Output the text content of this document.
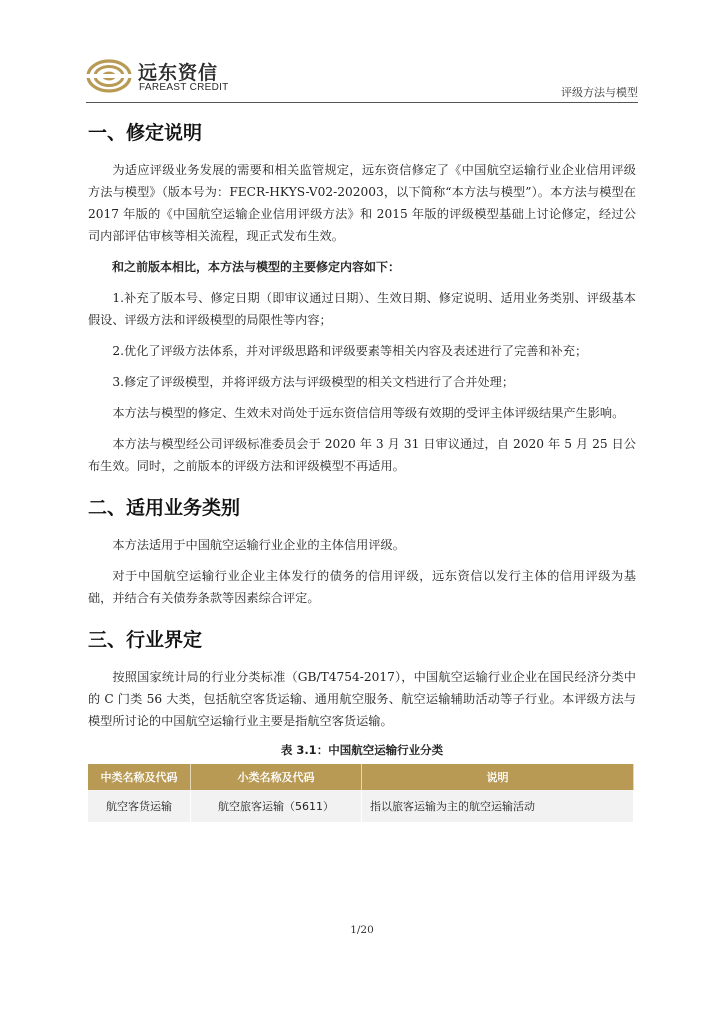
远东资信
FAREAST CREDIT	评级方法与模型
一、修定说明

为适应评级业务发展的需要和相关监管规定，远东资信修定了《中国航空运输行业企业信用评级方法与模型》（版本号为：FECR-HKYS-V02-202003，以下简称“本方法与模型”）。本方法与模型在 2017 年版的《中国航空运输企业信用评级方法》和 2015 年版的评级模型基础上讨论修定，经过公司内部评估审核等相关流程，现正式发布生效。

和之前版本相比，本方法与模型的主要修定内容如下：

1.补充了版本号、修定日期（即审议通过日期）、生效日期、修定说明、适用业务类别、评级基本假设、评级方法和评级模型的局限性等内容；

2.优化了评级方法体系，并对评级思路和评级要素等相关内容及表述进行了完善和补充；

3.修定了评级模型，并将评级方法与评级模型的相关文档进行了合并处理；

本方法与模型的修定、生效未对尚处于远东资信信用等级有效期的受评主体评级结果产生影响。

本方法与模型经公司评级标准委员会于 2020 年 3 月 31 日审议通过，自 2020 年 5 月 25 日公布生效。同时，之前版本的评级方法和评级模型不再适用。

二、适用业务类别

本方法适用于中国航空运输行业企业的主体信用评级。

对于中国航空运输行业企业主体发行的债务的信用评级，远东资信以发行主体的信用评级为基础，并结合有关债券条款等因素综合评定。

三、行业界定

按照国家统计局的行业分类标准（GB/T4754-2017），中国航空运输行业企业在国民经济分类中的 C 门类 56 大类，包括航空客货运输、通用航空服务、航空运输辅助活动等子行业。本评级方法与模型所讨论的中国航空运输行业主要是指航空客货运输。

表 3.1：中国航空运输行业分类
中类名称及代码	小类名称及代码	说明
航空客货运输	航空旅客运输（5611）	指以旅客运输为主的航空运输活动
1/20
